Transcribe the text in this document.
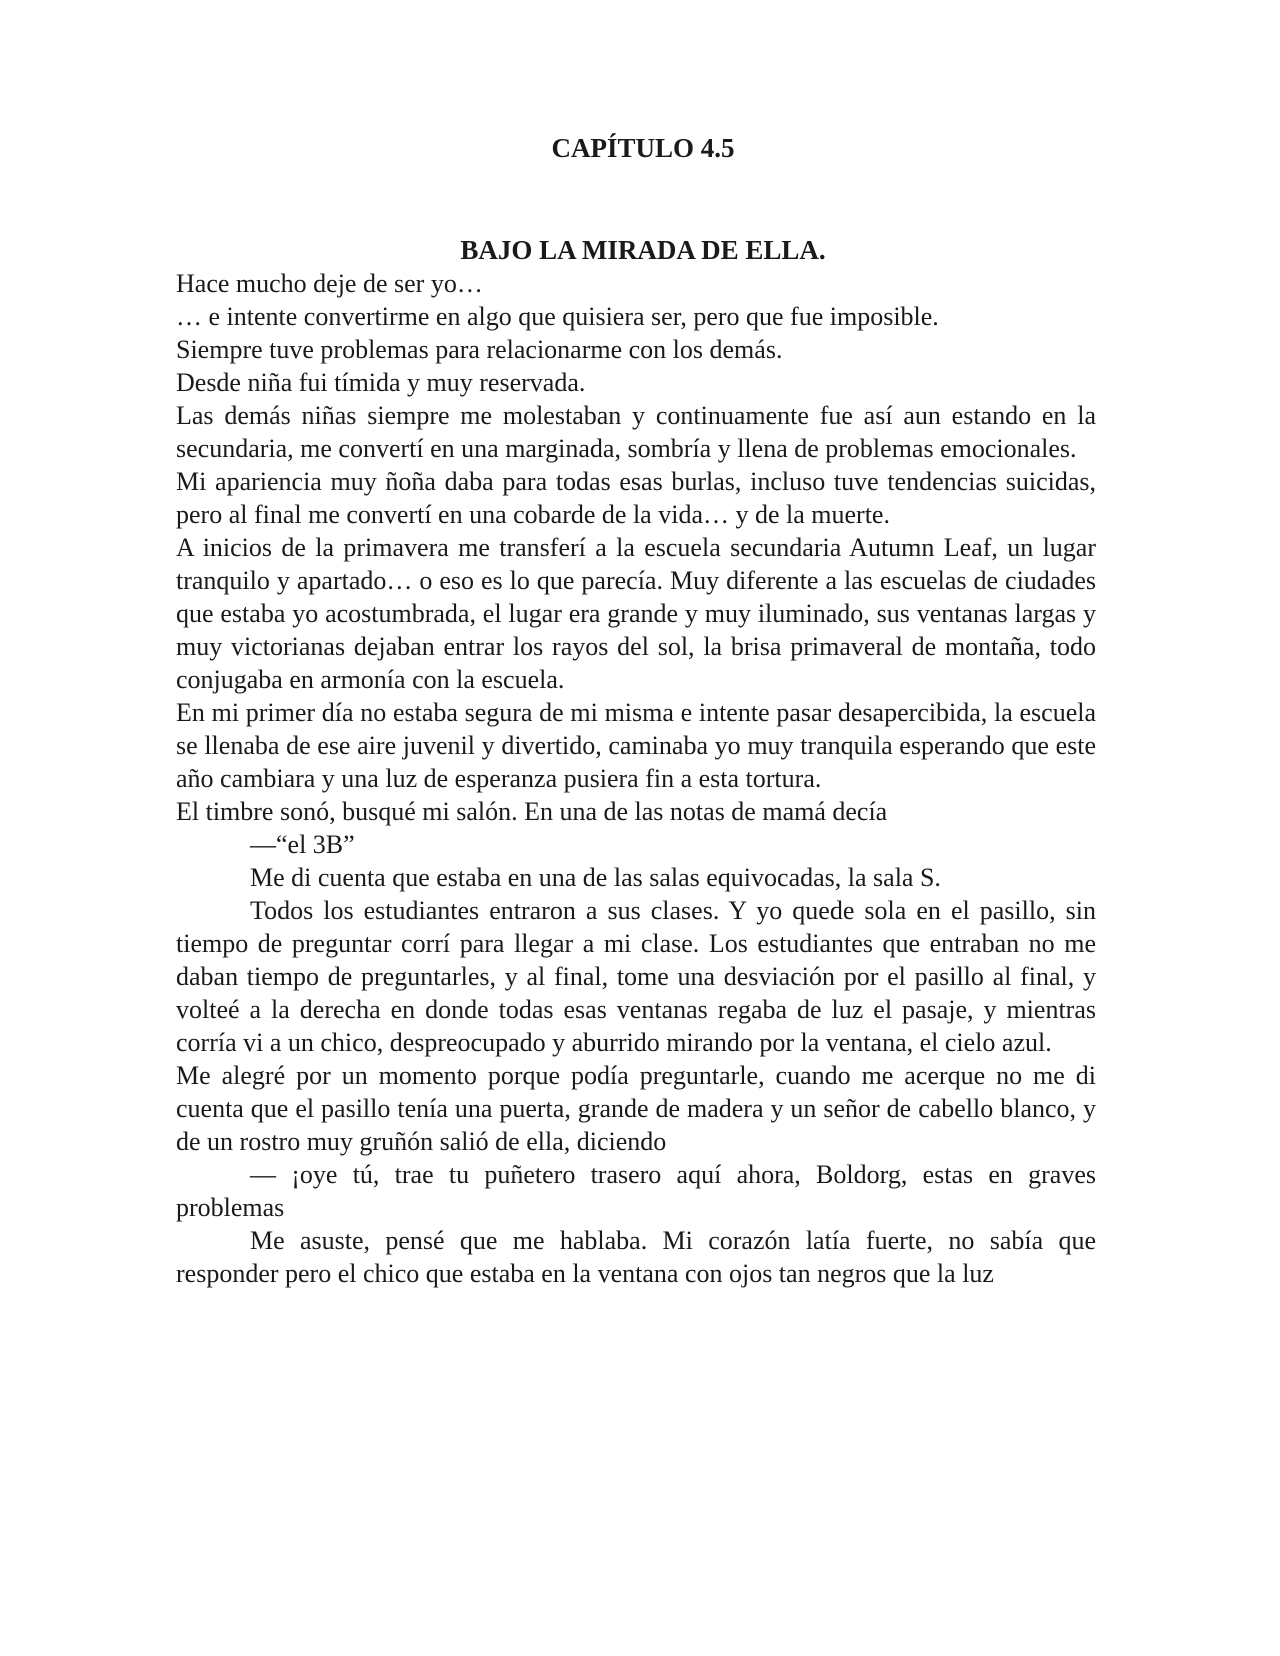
CAPÍTULO 4.5
BAJO LA MIRADA DE ELLA.

Hace mucho deje de ser yo…

… e intente convertirme en algo que quisiera ser, pero que fue imposible.

Siempre tuve problemas para relacionarme con los demás.

Desde niña fui tímida y muy reservada.

Las demás niñas siempre me molestaban y continuamente fue así aun estando en la secundaria, me convertí en una marginada, sombría y llena de problemas emocionales.

Mi apariencia muy ñoña daba para todas esas burlas, incluso tuve tendencias suicidas, pero al final me convertí en una cobarde de la vida… y de la muerte.

A inicios de la primavera me transferí a la escuela secundaria Autumn Leaf, un lugar tranquilo y apartado… o eso es lo que parecía. Muy diferente a las escuelas de ciudades que estaba yo acostumbrada, el lugar era grande y muy iluminado, sus ventanas largas y muy victorianas dejaban entrar los rayos del sol, la brisa primaveral de montaña, todo conjugaba en armonía con la escuela.

En mi primer día no estaba segura de mi misma e intente pasar desapercibida, la escuela se llenaba de ese aire juvenil y divertido, caminaba yo muy tranquila esperando que este año cambiara y una luz de esperanza pusiera fin a esta tortura.

El timbre sonó, busqué mi salón. En una de las notas de mamá decía

—“el 3B”

Me di cuenta que estaba en una de las salas equivocadas, la sala S.

Todos los estudiantes entraron a sus clases. Y yo quede sola en el pasillo, sin tiempo de preguntar corrí para llegar a mi clase. Los estudiantes que entraban no me daban tiempo de preguntarles, y al final, tome una desviación por el pasillo al final, y volteé a la derecha en donde todas esas ventanas regaba de luz el pasaje, y mientras corría vi a un chico, despreocupado y aburrido mirando por la ventana, el cielo azul.

Me alegré por un momento porque podía preguntarle, cuando me acerque no me di cuenta que el pasillo tenía una puerta, grande de madera y un señor de cabello blanco, y de un rostro muy gruñón salió de ella, diciendo

— ¡oye tú, trae tu puñetero trasero aquí ahora, Boldorg, estas en graves problemas

Me asuste, pensé que me hablaba. Mi corazón latía fuerte, no sabía que responder pero el chico que estaba en la ventana con ojos tan negros que la luz
